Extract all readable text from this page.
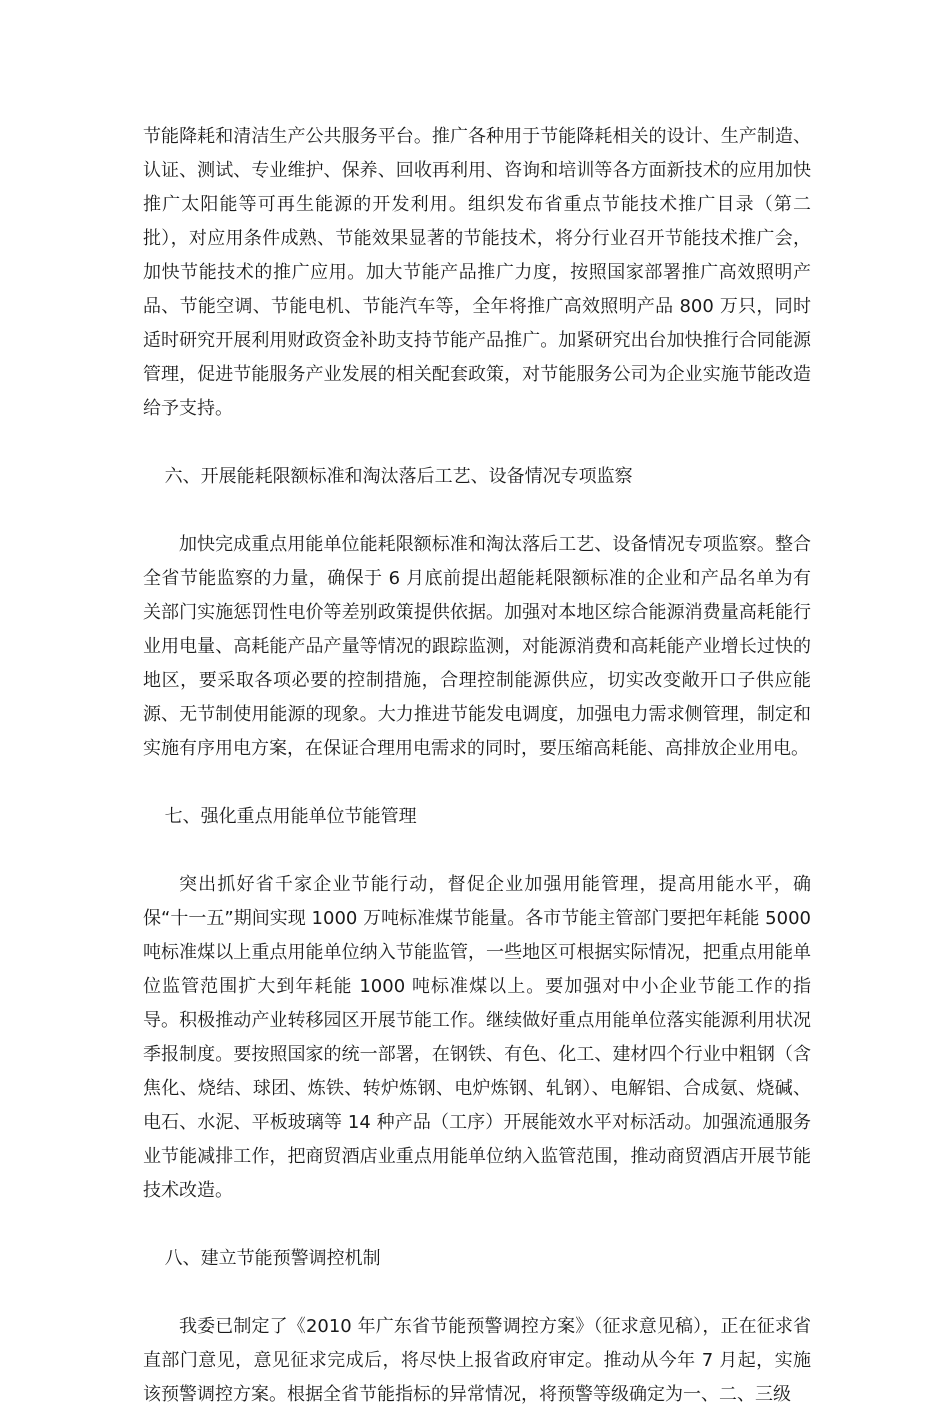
节能降耗和清洁生产公共服务平台。推广各种用于节能降耗相关的设计、生产制造、认证、测试、专业维护、保养、回收再利用、咨询和培训等各方面新技术的应用加快推广太阳能等可再生能源的开发利用。组织发布省重点节能技术推广目录（第二批），对应用条件成熟、节能效果显著的节能技术，将分行业召开节能技术推广会，加快节能技术的推广应用。加大节能产品推广力度，按照国家部署推广高效照明产品、节能空调、节能电机、节能汽车等，全年将推广高效照明产品 800 万只，同时适时研究开展利用财政资金补助支持节能产品推广。加紧研究出台加快推行合同能源管理，促进节能服务产业发展的相关配套政策，对节能服务公司为企业实施节能改造给予支持。

六、开展能耗限额标准和淘汰落后工艺、设备情况专项监察

加快完成重点用能单位能耗限额标准和淘汰落后工艺、设备情况专项监察。整合全省节能监察的力量，确保于 6 月底前提出超能耗限额标准的企业和产品名单为有关部门实施惩罚性电价等差别政策提供依据。加强对本地区综合能源消费量高耗能行业用电量、高耗能产品产量等情况的跟踪监测，对能源消费和高耗能产业增长过快的地区，要采取各项必要的控制措施，合理控制能源供应，切实改变敞开口子供应能源、无节制使用能源的现象。大力推进节能发电调度，加强电力需求侧管理，制定和实施有序用电方案，在保证合理用电需求的同时，要压缩高耗能、高排放企业用电。

七、强化重点用能单位节能管理

突出抓好省千家企业节能行动，督促企业加强用能管理，提高用能水平，确保“十一五”期间实现 1000 万吨标准煤节能量。各市节能主管部门要把年耗能 5000 吨标准煤以上重点用能单位纳入节能监管，一些地区可根据实际情况，把重点用能单位监管范围扩大到年耗能 1000 吨标准煤以上。要加强对中小企业节能工作的指导。积极推动产业转移园区开展节能工作。继续做好重点用能单位落实能源利用状况季报制度。要按照国家的统一部署，在钢铁、有色、化工、建材四个行业中粗钢（含焦化、烧结、球团、炼铁、转炉炼钢、电炉炼钢、轧钢）、电解铝、合成氨、烧碱、电石、水泥、平板玻璃等 14 种产品（工序）开展能效水平对标活动。加强流通服务业节能减排工作，把商贸酒店业重点用能单位纳入监管范围，推动商贸酒店开展节能技术改造。

八、建立节能预警调控机制

我委已制定了《2010 年广东省节能预警调控方案》（征求意见稿），正在征求省直部门意见，意见征求完成后，将尽快上报省政府审定。推动从今年 7 月起，实施该预警调控方案。根据全省节能指标的异常情况，将预警等级确定为一、二、三级
